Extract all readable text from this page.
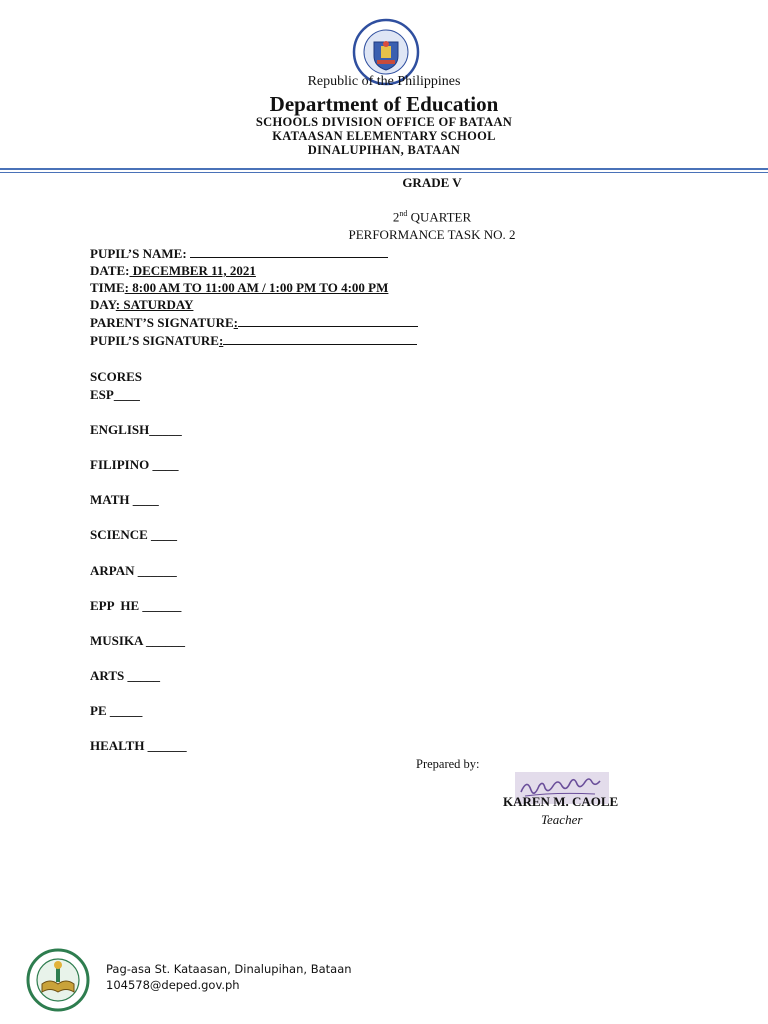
Republic of the Philippines
Department of Education
SCHOOLS DIVISION OFFICE OF BATAAN
KATAASAN ELEMENTARY SCHOOL
DINALUPIHAN, BATAAN
GRADE V
2nd QUARTER
PERFORMANCE TASK NO. 2
PUPIL’S NAME:
DATE: DECEMBER 11, 2021
TIME: 8:00 AM TO 11:00 AM / 1:00 PM TO 4:00 PM
DAY: SATURDAY
PARENT’S SIGNATURE:
PUPIL’S SIGNATURE:
SCORES
ESP____
ENGLISH_____
FILIPINO ____
MATH ____
SCIENCE ____
ARPAN ______
EPP  HE ______
MUSIKA ______
ARTS _____
PE _____
HEALTH ______
Prepared by:
KAREN M. CAOLE
Teacher
Pag-asa St. Kataasan, Dinalupihan, Bataan
104578@deped.gov.ph
